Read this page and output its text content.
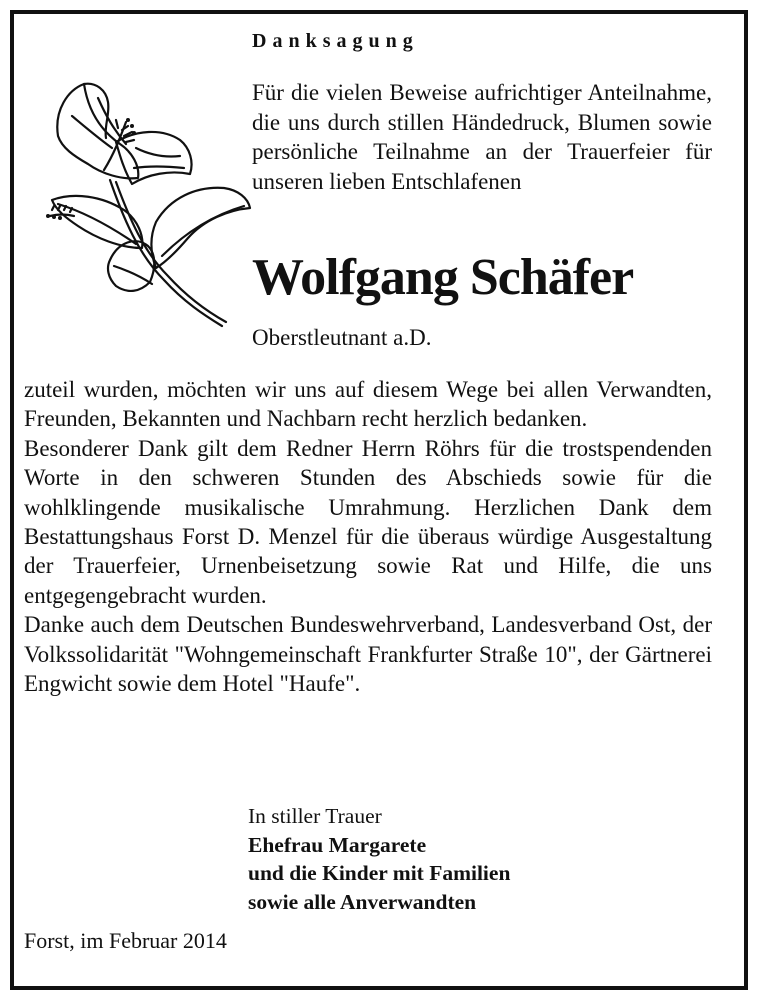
Danksagung
Für die vielen Beweise aufrichtiger Anteilnahme, die uns durch stillen Händedruck, Blumen sowie persönliche Teilnahme an der Trauerfeier für unseren lieben Entschlafenen
Wolfgang Schäfer
Oberstleutnant a.D.

zuteil wurden, möchten wir uns auf diesem Wege bei allen Verwandten, Freunden, Bekannten und Nachbarn recht herzlich bedanken.

Besonderer Dank gilt dem Redner Herrn Röhrs für die trostspendenden Worte in den schweren Stunden des Abschieds sowie für die wohlklingende musikalische Umrahmung. Herzlichen Dank dem Bestattungshaus Forst D. Menzel für die überaus würdige Ausgestaltung der Trauerfeier, Urnenbeisetzung sowie Rat und Hilfe, die uns entgegengebracht wurden.

Danke auch dem Deutschen Bundeswehrverband, Landesverband Ost, der Volkssolidarität "Wohngemeinschaft Frankfurter Straße 10", der Gärtnerei Engwicht sowie dem Hotel "Haufe".

In stiller Trauer
Ehefrau Margarete
und die Kinder mit Familien
sowie alle Anverwandten
Forst, im Februar 2014
